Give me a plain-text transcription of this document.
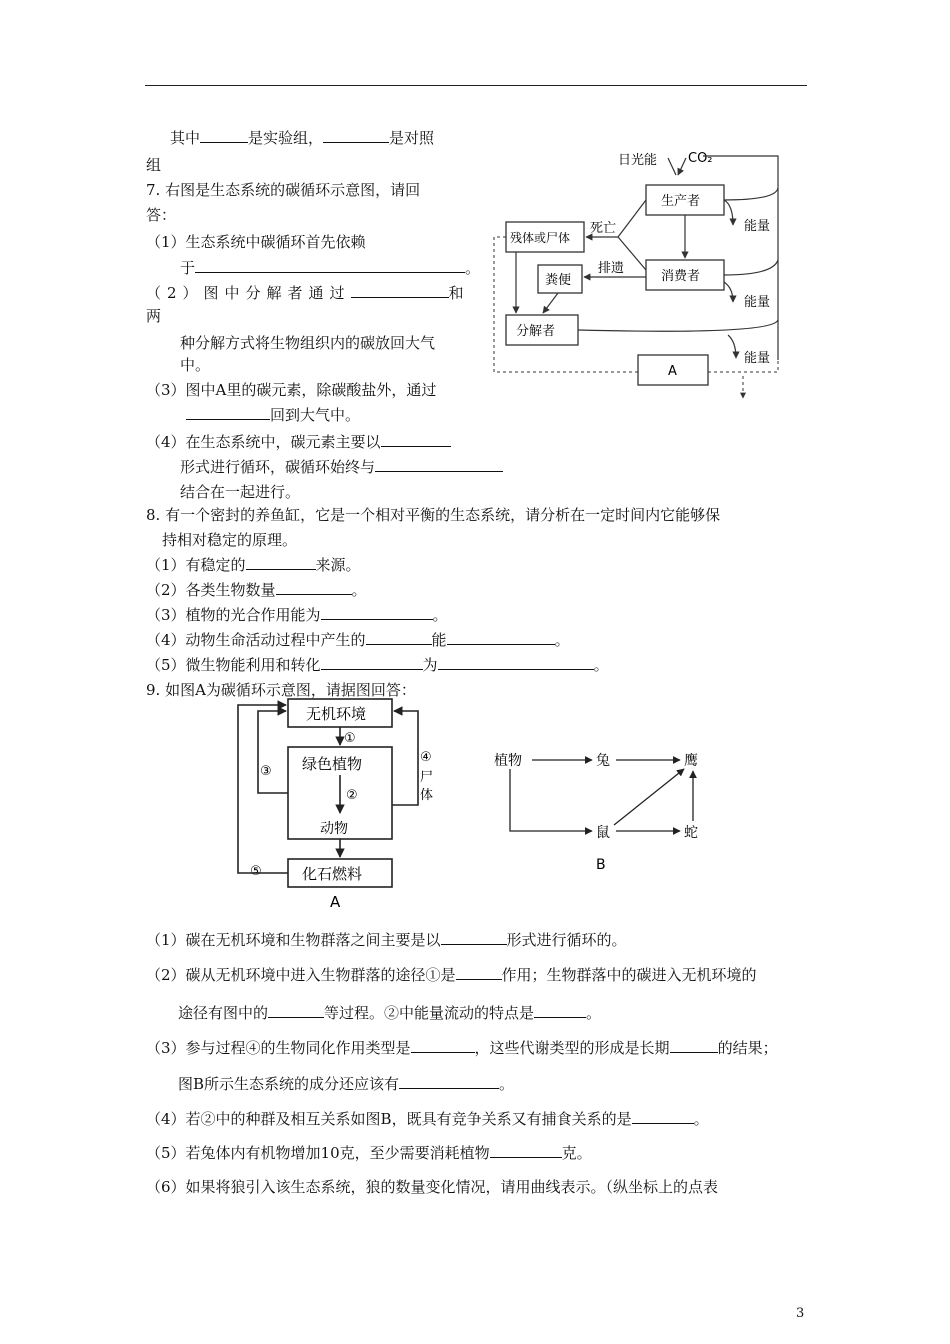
其中	是实验组，	是对照
组
7. 右图是生态系统的碳循环示意图，请回
答：
（1）生态系统中碳循环首先依赖
于	。
（2）图中分解者通过	和
两
种分解方式将生物组织内的碳放回大气
中。
（3）图中A里的碳元素，除碳酸盐外，通过
回到大气中。
（4）在生态系统中，碳元素主要以
形式进行循环，碳循环始终与
结合在一起进行。
日光能 CO₂
生产者
消费者
残体或尸体
粪便
分解者
A
死亡
排遗
能量
能量
能量
8. 有一个密封的养鱼缸，它是一个相对平衡的生态系统，请分析在一定时间内它能够保
持相对稳定的原理。
（1）有稳定的	来源。
（2）各类生物数量	。
（3）植物的光合作用能为	。
（4）动物生命活动过程中产生的	能	。
（5）微生物能利用和转化	为	。
9. 如图A为碳循环示意图，请据图回答：
无机环境
绿色植物
动物
化石燃料
①
②
③
⑤
④
尸
体
A
植物	兔	鹰
鼠	蛇
B
（1）碳在无机环境和生物群落之间主要是以	形式进行循环的。
（2）碳从无机环境中进入生物群落的途径①是	作用；生物群落中的碳进入无机环境的
途径有图中的	等过程。②中能量流动的特点是	。
（3）参与过程④的生物同化作用类型是	，这些代谢类型的形成是长期	的结果；
图B所示生态系统的成分还应该有	。
（4）若②中的种群及相互关系如图B，既具有竞争关系又有捕食关系的是	。
（5）若兔体内有机物增加10克，至少需要消耗植物	克。
（6）如果将狼引入该生态系统，狼的数量变化情况，请用曲线表示。（纵坐标上的点表
3
